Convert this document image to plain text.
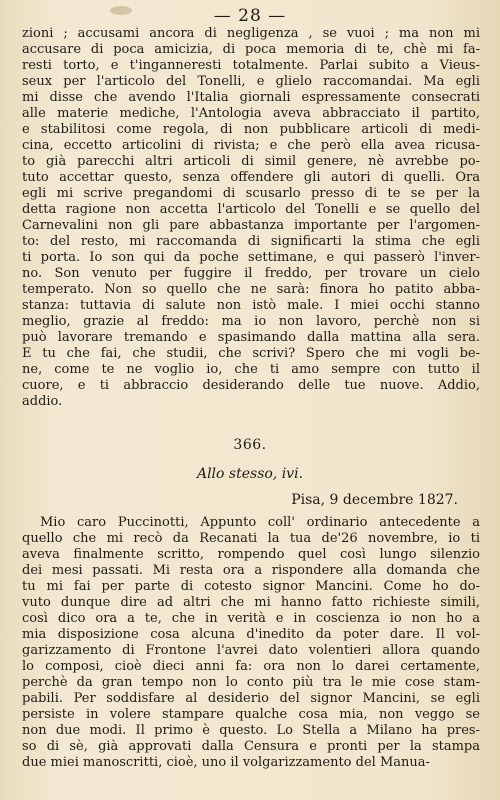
— 28 —
zioni ; accusami ancora di negligenza , se vuoi ; ma non mi
accusare di poca amicizia, di poca memoria di te, chè mi fa-
resti torto, e t'inganneresti totalmente. Parlai subito a Vieus-
seux per l'articolo del Tonelli, e glielo raccomandai. Ma egli
mi disse che avendo l'Italia giornali espressamente consecrati
alle materie mediche, l'Antologia aveva abbracciato il partito,
e stabilitosi come regola, di non pubblicare articoli di medi-
cina, eccetto articolini di rivista; e che però ella avea ricusa-
to già parecchi altri articoli di simil genere, nè avrebbe po-
tuto accettar questo, senza offendere gli autori di quelli. Ora
egli mi scrive pregandomi di scusarlo presso di te se per la
detta ragione non accetta l'articolo del Tonelli e se quello del
Carnevalini non gli pare abbastanza importante per l'argomen-
to: del resto, mi raccomanda di significarti la stima che egli
ti porta. Io son qui da poche settimane, e qui passerò l'inver-
no. Son venuto per fuggire il freddo, per trovare un cielo
temperato. Non so quello che ne sarà: finora ho patito abba-
stanza: tuttavia di salute non istò male. I miei occhi stanno
meglio, grazie al freddo: ma io non lavoro, perchè non si
può lavorare tremando e spasimando dalla mattina alla sera.
E tu che fai, che studii, che scrivi? Spero che mi vogli be-
ne, come te ne voglio io, che ti amo sempre con tutto il
cuore, e ti abbraccio desiderando delle tue nuove. Addio,
addio.
366.
Allo stesso, ivi.
Pisa, 9 decembre 1827.
Mio caro Puccinotti, Appunto coll' ordinario antecedente a
quello che mi recò da Recanati la tua de'26 novembre, io ti
aveva finalmente scritto, rompendo quel così lungo silenzio
dei mesi passati. Mi resta ora a rispondere alla domanda che
tu mi fai per parte di cotesto signor Mancini. Come ho do-
vuto dunque dire ad altri che mi hanno fatto richieste simili,
così dico ora a te, che in verità e in coscienza io non ho a
mia disposizione cosa alcuna d'inedito da poter dare. Il vol-
garizzamento di Frontone l'avrei dato volentieri allora quando
lo composi, cioè dieci anni fa: ora non lo darei certamente,
perchè da gran tempo non lo conto più tra le mie cose stam-
pabili. Per soddisfare al desiderio del signor Mancini, se egli
persiste in volere stampare qualche cosa mia, non veggo se
non due modi. Il primo è questo. Lo Stella a Milano ha pres-
so di sè, già approvati dalla Censura e pronti per la stampa
due miei manoscritti, cioè, uno il volgarizzamento del Manua-
